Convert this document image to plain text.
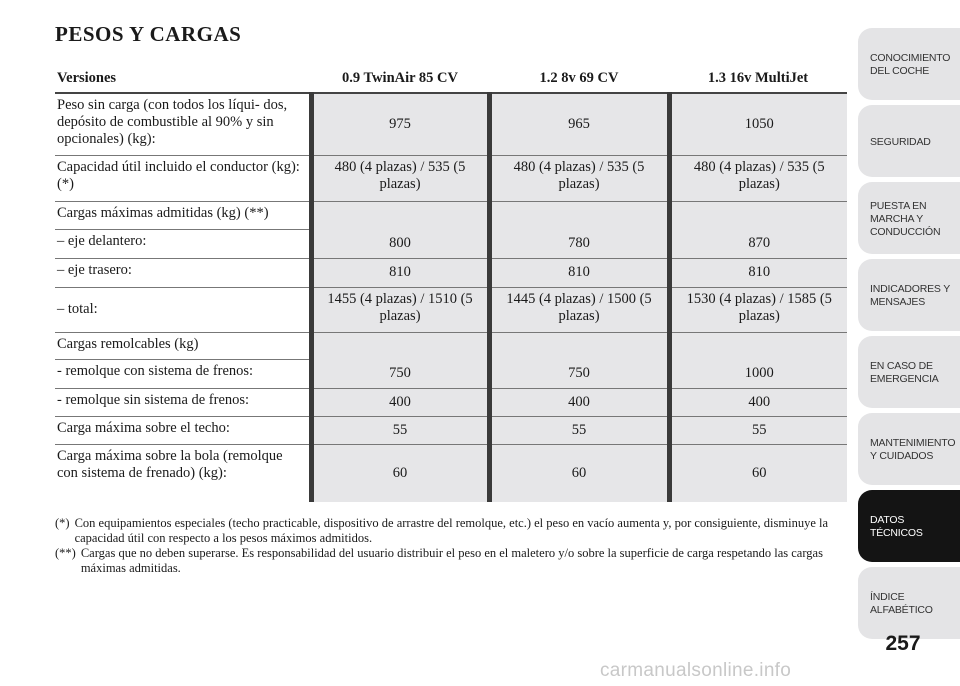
PESOS Y CARGAS
Versiones	0.9 TwinAir 85 CV	1.2 8v 69 CV	1.3 16v MultiJet
Peso sin carga (con todos los líqui- dos, depósito de combustible al 90% y sin opcionales) (kg):	975	965	1050
Capacidad útil incluido el conductor (kg): (*)	480 (4 plazas) / 535 (5 plazas)	480 (4 plazas) / 535 (5 plazas)	480 (4 plazas) / 535 (5 plazas)
Cargas máximas admitidas (kg) (**)			
– eje delantero:	800	780	870
– eje trasero:	810	810	810
– total:	1455 (4 plazas) / 1510 (5 plazas)	1445 (4 plazas) / 1500 (5 plazas)	1530 (4 plazas) / 1585 (5 plazas)
Cargas remolcables (kg)			
- remolque con sistema de frenos:	750	750	1000
- remolque sin sistema de frenos:	400	400	400
Carga máxima sobre el techo:	55	55	55
Carga máxima sobre la bola (remolque con sistema de frenado) (kg):	60	60	60
(*) Con equipamientos especiales (techo practicable, dispositivo de arrastre del remolque, etc.) el peso en vacío aumenta y, por consiguiente, disminuye la capacidad útil con respecto a los pesos máximos admitidos.
(**) Cargas que no deben superarse. Es responsabilidad del usuario distribuir el peso en el maletero y/o sobre la superficie de carga respetando las cargas máximas admitidas.
CONOCIMIENTO DEL COCHE
SEGURIDAD
PUESTA EN MARCHA Y CONDUCCIÓN
INDICADORES Y MENSAJES
EN CASO DE EMERGENCIA
MANTENIMIENTO Y CUIDADOS
DATOS TÉCNICOS
ÍNDICE ALFABÉTICO
257
carmanualsonline.info
